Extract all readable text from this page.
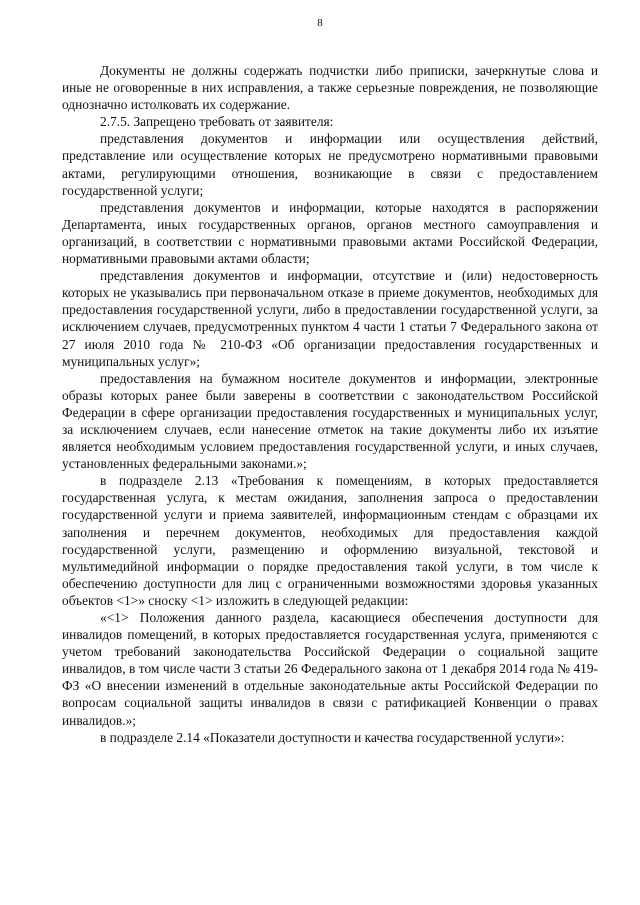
8

Документы не должны содержать подчистки либо приписки, зачеркнутые слова и иные не оговоренные в них исправления, а также серьезные повреждения, не позволяющие однозначно истолковать их содержание.

2.7.5. Запрещено требовать от заявителя:

представления документов и информации или осуществления действий, представление или осуществление которых не предусмотрено нормативными правовыми актами, регулирующими отношения, возникающие в связи с предоставлением государственной услуги;

представления документов и информации, которые находятся в распоряжении Департамента, иных государственных органов, органов местного самоуправления и организаций, в соответствии с нормативными правовыми актами Российской Федерации, нормативными правовыми актами области;

представления документов и информации, отсутствие и (или) недостоверность которых не указывались при первоначальном отказе в приеме документов, необходимых для предоставления государственной услуги, либо в предоставлении государственной услуги, за исключением случаев, предусмотренных пунктом 4 части 1 статьи 7 Федерального закона от 27 июля 2010 года № 210-ФЗ «Об организации предоставления государственных и муниципальных услуг»;

предоставления на бумажном носителе документов и информации, электронные образы которых ранее были заверены в соответствии с законодательством Российской Федерации в сфере организации предоставления государственных и муниципальных услуг, за исключением случаев, если нанесение отметок на такие документы либо их изъятие является необходимым условием предоставления государственной услуги, и иных случаев, установленных федеральными законами.»;

в подразделе 2.13 «Требования к помещениям, в которых предоставляется государственная услуга, к местам ожидания, заполнения запроса о предоставлении государственной услуги и приема заявителей, информационным стендам с образцами их заполнения и перечнем документов, необходимых для предоставления каждой государственной услуги, размещению и оформлению визуальной, текстовой и мультимедийной информации о порядке предоставления такой услуги, в том числе к обеспечению доступности для лиц с ограниченными возможностями здоровья указанных объектов <1>» сноску <1> изложить в следующей редакции:

«<1> Положения данного раздела, касающиеся обеспечения доступности для инвалидов помещений, в которых предоставляется государственная услуга, применяются с учетом требований законодательства Российской Федерации о социальной защите инвалидов, в том числе части 3 статьи 26 Федерального закона от 1 декабря 2014 года № 419-ФЗ «О внесении изменений в отдельные законодательные акты Российской Федерации по вопросам социальной защиты инвалидов в связи с ратификацией Конвенции о правах инвалидов.»;

в подразделе 2.14 «Показатели доступности и качества государственной услуги»:
